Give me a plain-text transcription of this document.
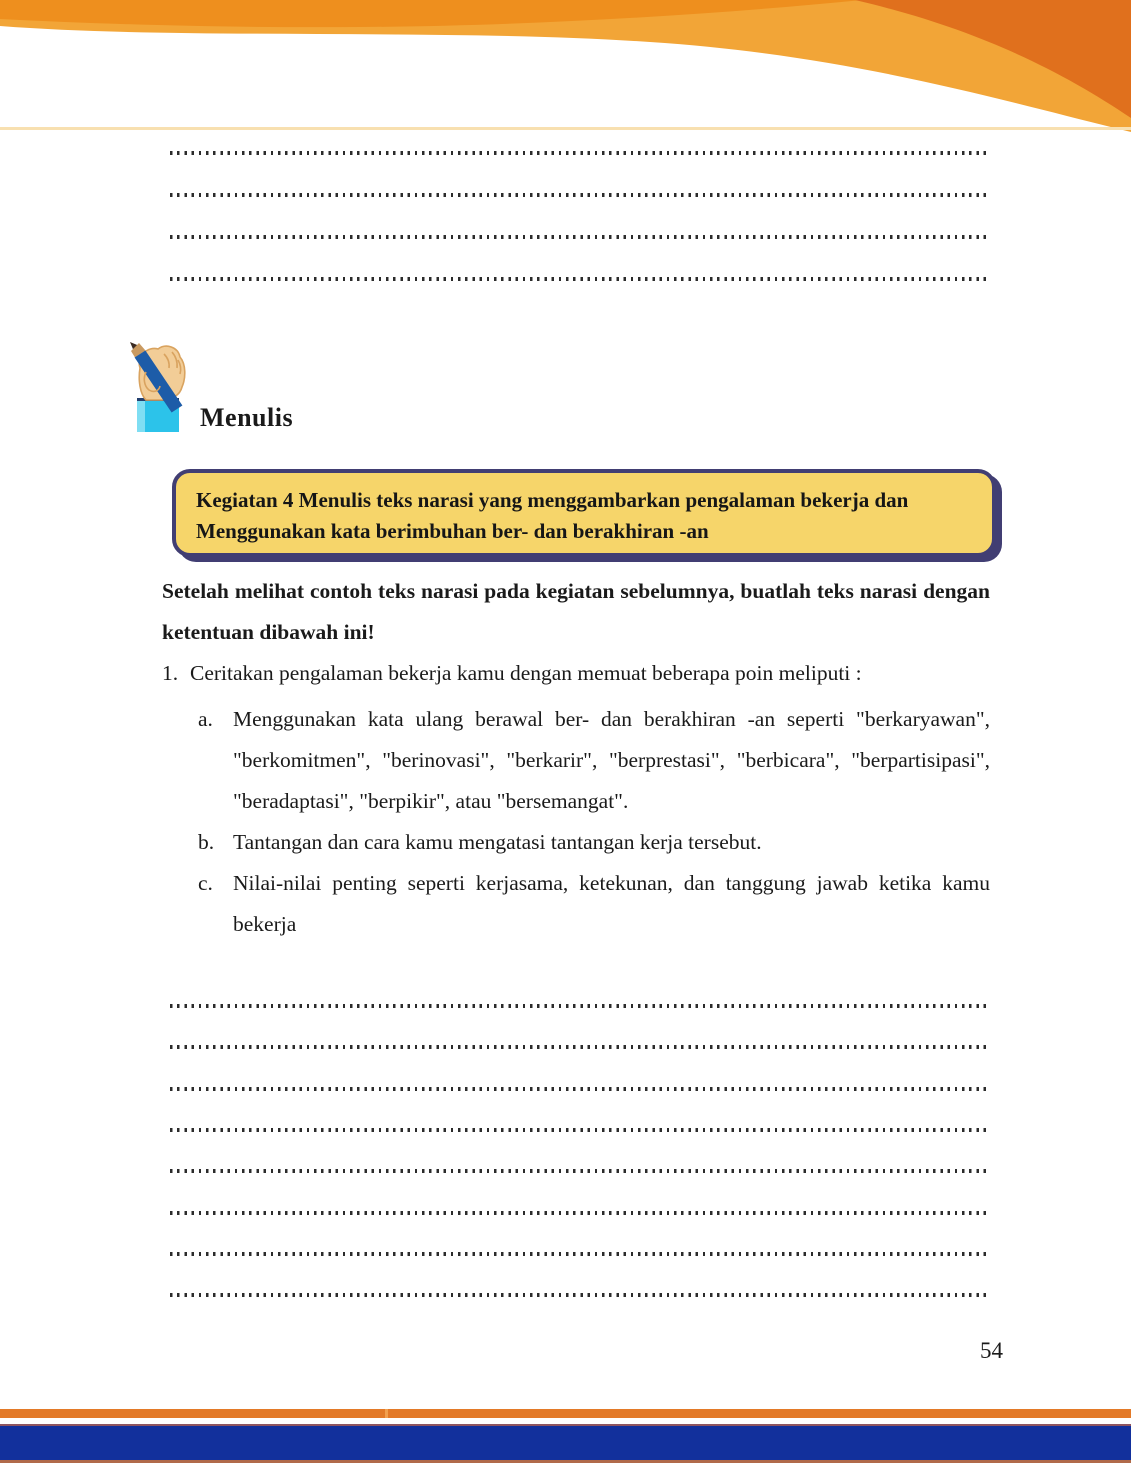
Menulis
Kegiatan 4 Menulis teks narasi yang menggambarkan pengalaman bekerja dan Menggunakan kata berimbuhan ber- dan berakhiran -an

Setelah melihat contoh teks narasi pada kegiatan sebelumnya, buatlah teks narasi dengan ketentuan dibawah ini!

1. Ceritakan pengalaman bekerja kamu dengan memuat beberapa poin meliputi :
a. Menggunakan kata ulang berawal ber- dan berakhiran -an seperti "berkaryawan", "berkomitmen", "berinovasi", "berkarir", "berprestasi", "berbicara", "berpartisipasi", "beradaptasi", "berpikir", atau "bersemangat".
b. Tantangan dan cara kamu mengatasi tantangan kerja tersebut.
c. Nilai-nilai penting seperti kerjasama, ketekunan, dan tanggung jawab ketika kamu bekerja
54
